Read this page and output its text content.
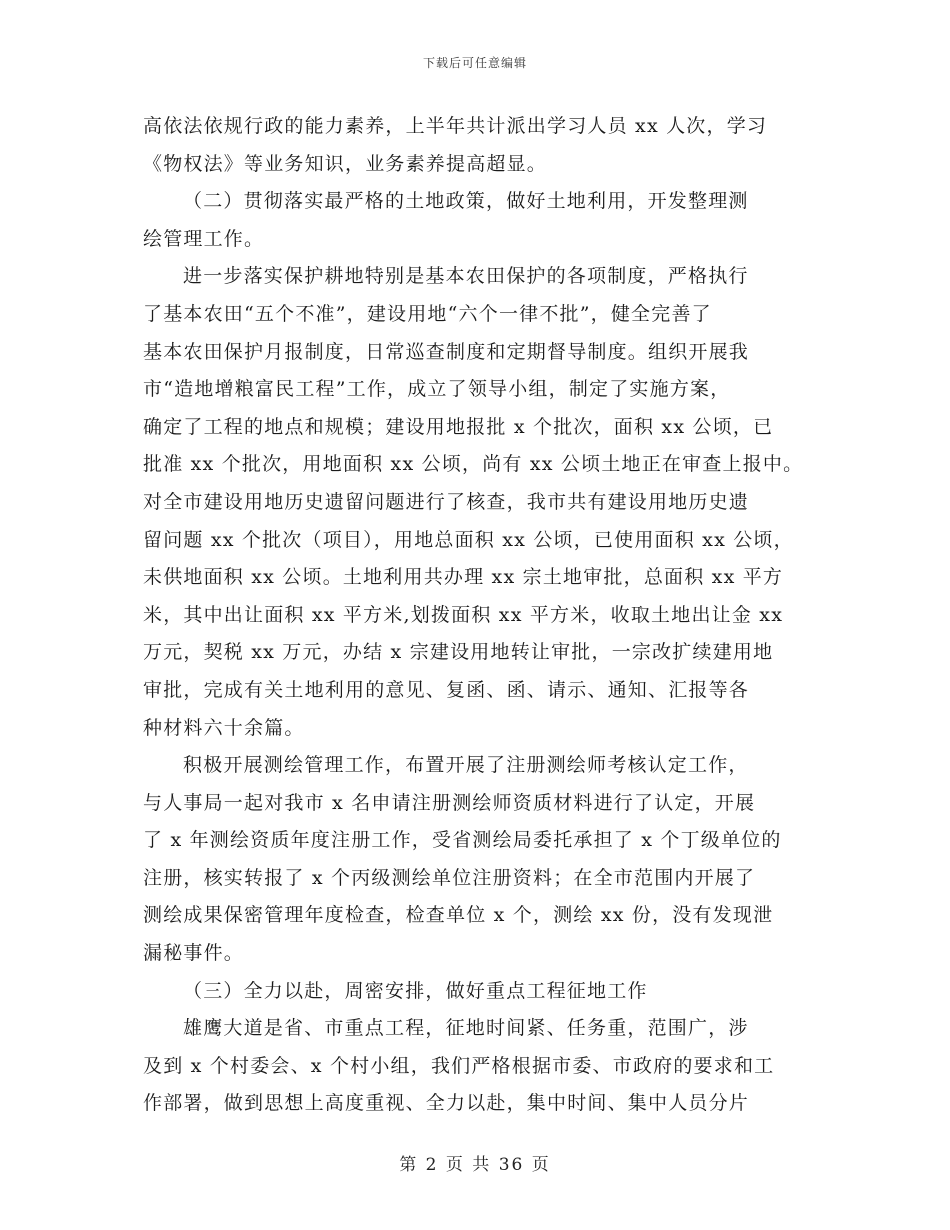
下载后可任意编辑
高依法依规行政的能力素养，上半年共计派出学习人员 xx 人次，学习
《物权法》等业务知识，业务素养提高超显。
（二）贯彻落实最严格的土地政策，做好土地利用，开发整理测
绘管理工作。
进一步落实保护耕地特别是基本农田保护的各项制度，严格执行
了基本农田“五个不准”，建设用地“六个一律不批”，健全完善了
基本农田保护月报制度，日常巡查制度和定期督导制度。组织开展我
市“造地增粮富民工程”工作，成立了领导小组，制定了实施方案，
确定了工程的地点和规模；建设用地报批 x 个批次，面积 xx 公顷，已
批准 xx 个批次，用地面积 xx 公顷，尚有 xx 公顷土地正在审查上报中。
对全市建设用地历史遗留问题进行了核查，我市共有建设用地历史遗
留问题 xx 个批次（项目），用地总面积 xx 公顷，已使用面积 xx 公顷，
未供地面积 xx 公顷。土地利用共办理 xx 宗土地审批，总面积 xx 平方
米，其中出让面积 xx 平方米,划拨面积 xx 平方米，收取土地出让金 xx
万元，契税 xx 万元，办结 x 宗建设用地转让审批，一宗改扩续建用地
审批，完成有关土地利用的意见、复函、函、请示、通知、汇报等各
种材料六十余篇。
积极开展测绘管理工作，布置开展了注册测绘师考核认定工作，
与人事局一起对我市 x 名申请注册测绘师资质材料进行了认定，开展
了 x 年测绘资质年度注册工作，受省测绘局委托承担了 x 个丁级单位的
注册，核实转报了 x 个丙级测绘单位注册资料；在全市范围内开展了
测绘成果保密管理年度检查，检查单位 x 个，测绘 xx 份，没有发现泄
漏秘事件。
（三）全力以赴，周密安排，做好重点工程征地工作
雄鹰大道是省、市重点工程，征地时间紧、任务重，范围广，涉
及到 x 个村委会、x 个村小组，我们严格根据市委、市政府的要求和工
作部署，做到思想上高度重视、全力以赴，集中时间、集中人员分片
第 2 页 共 36 页
